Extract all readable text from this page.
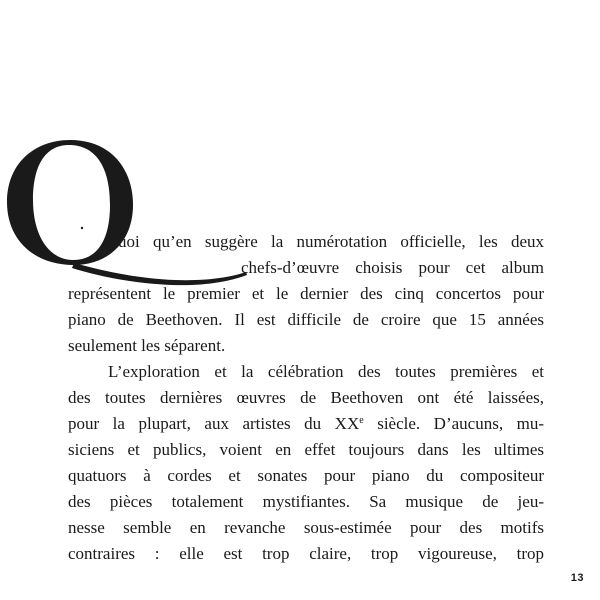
uoi qu’en suggère la numérotation officielle, les deux
chefs-d’œuvre choisis pour cet album
représentent le premier et le dernier des cinq concertos pour
piano de Beethoven. Il est difficile de croire que 15 années
seulement les séparent.
L’exploration et la célébration des toutes premières et
des toutes dernières œuvres de Beethoven ont été laissées,
pour la plupart, aux artistes du XXe siècle. D’aucuns, mu-
siciens et publics, voient en effet toujours dans les ultimes
quatuors à cordes et sonates pour piano du compositeur
des pièces totalement mystifiantes. Sa musique de jeu-
nesse semble en revanche sous-estimée pour des motifs
contraires : elle est trop claire, trop vigoureuse, trop
13
